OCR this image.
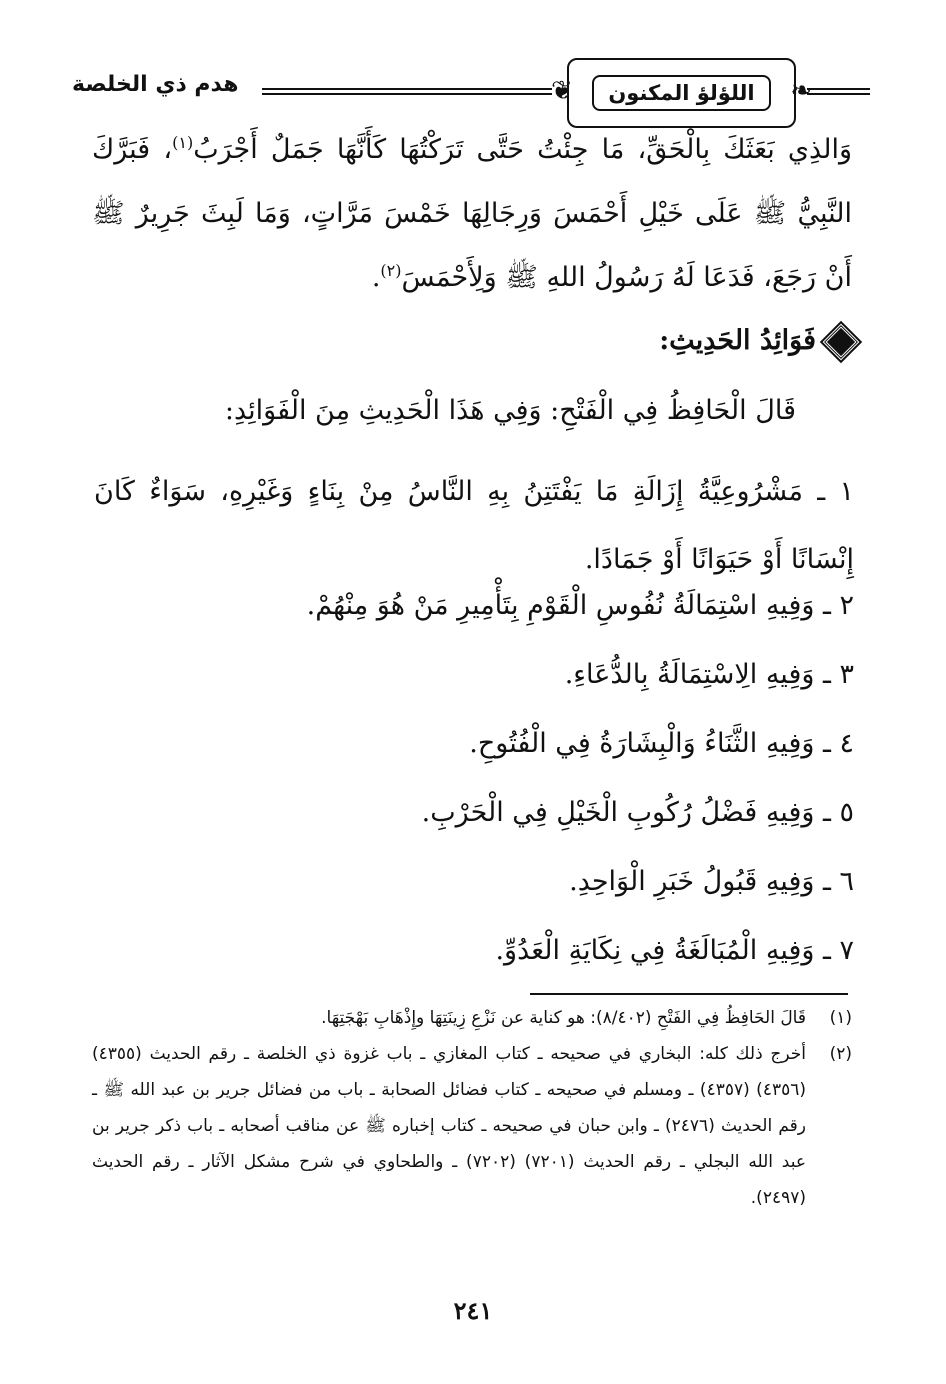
هدم ذي الخلصة	❦	اللؤلؤ المكنون	❧

وَالذِي بَعَثَكَ بِالْحَقِّ، مَا جِئْتُ حَتَّى تَرَكْتُهَا كَأَنَّهَا جَمَلٌ أَجْرَبُ$^{(١)}$، فَبَرَّكَ النَّبِيُّ ﷺ عَلَى خَيْلِ أَحْمَسَ وَرِجَالِهَا خَمْسَ مَرَّاتٍ، وَمَا لَبِثَ جَرِيرٌ ﷺ أَنْ رَجَعَ، فَدَعَا لَهُ رَسُولُ اللهِ ﷺ وَلِأَحْمَسَ$^{(٢)}$.

فَوَائِدُ الحَدِيثِ:
قَالَ الْحَافِظُ فِي الْفَتْحِ: وَفِي هَذَا الْحَدِيثِ مِنَ الْفَوَائِدِ:
١ ـ مَشْرُوعِيَّةُ إِزَالَةِ مَا يَفْتَتِنُ بِهِ النَّاسُ مِنْ بِنَاءٍ وَغَيْرِهِ، سَوَاءٌ كَانَ إِنْسَانًا أَوْ حَيَوَانًا أَوْ جَمَادًا.
٢ ـ وَفِيهِ اسْتِمَالَةُ نُفُوسِ الْقَوْمِ بِتَأْمِيرِ مَنْ هُوَ مِنْهُمْ.
٣ ـ وَفِيهِ الِاسْتِمَالَةُ بِالدُّعَاءِ.
٤ ـ وَفِيهِ الثَّنَاءُ وَالْبِشَارَةُ فِي الْفُتُوحِ.
٥ ـ وَفِيهِ فَضْلُ رُكُوبِ الْخَيْلِ فِي الْحَرْبِ.
٦ ـ وَفِيهِ قَبُولُ خَبَرِ الْوَاحِدِ.
٧ ـ وَفِيهِ الْمُبَالَغَةُ فِي نِكَايَةِ الْعَدُوِّ.
(١)
قَالَ الحَافِظُ فِي الفَتْحِ (٨/٤٠٢): هو كناية عن نَزْعِ زِينَتِهَا وإِذْهَابِ بَهْجَتِهَا.
(٢)
أخرج ذلك كله: البخاري في صحيحه ـ كتاب المغازي ـ باب غزوة ذي الخلصة ـ رقم الحديث (٤٣٥٥) (٤٣٥٦) (٤٣٥٧) ـ ومسلم في صحيحه ـ كتاب فضائل الصحابة ـ باب من فضائل جرير بن عبد الله ﷺ ـ رقم الحديث (٢٤٧٦) ـ وابن حبان في صحيحه ـ كتاب إخباره ﷺ عن مناقب أصحابه ـ باب ذكر جرير بن عبد الله البجلي ـ رقم الحديث (٧٢٠١) (٧٢٠٢) ـ والطحاوي في شرح مشكل الآثار ـ رقم الحديث (٢٤٩٧).
٢٤١
